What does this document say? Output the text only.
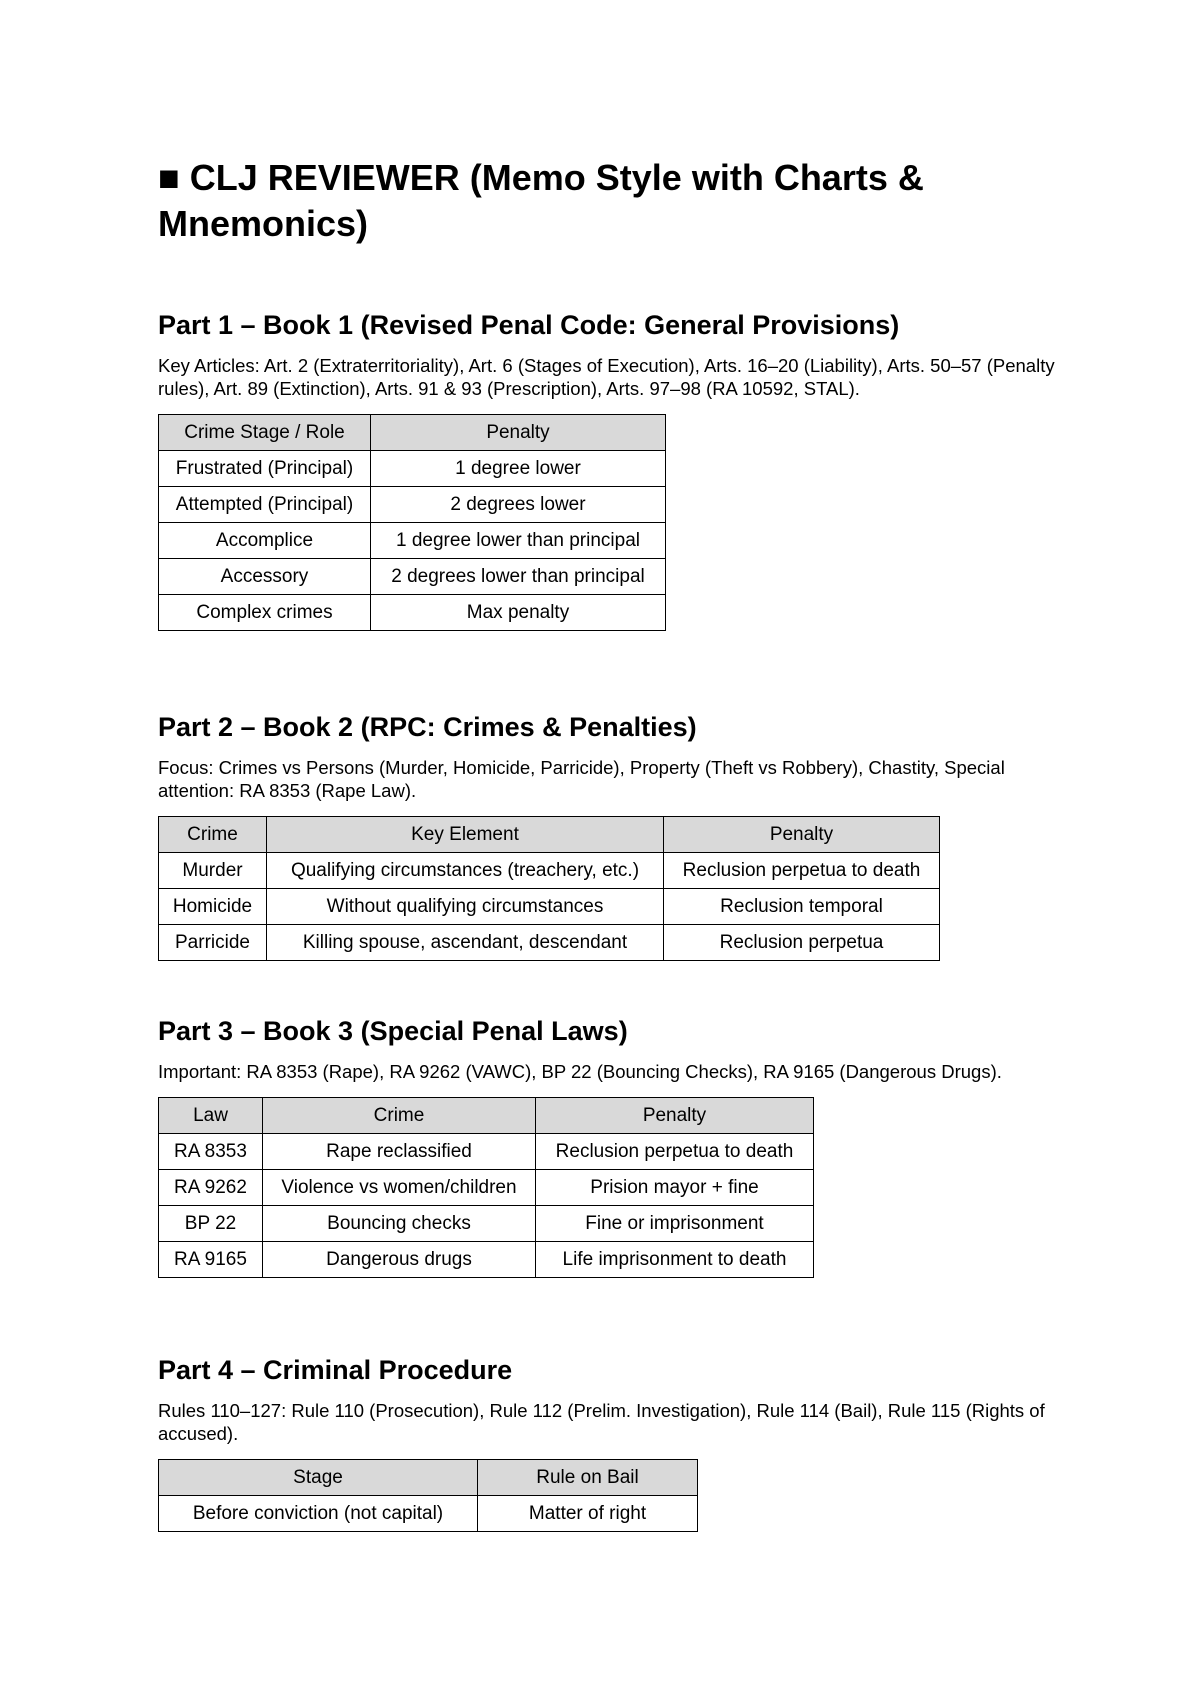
■ CLJ REVIEWER (Memo Style with Charts & Mnemonics)
Part 1 – Book 1 (Revised Penal Code: General Provisions)

Key Articles: Art. 2 (Extraterritoriality), Art. 6 (Stages of Execution), Arts. 16–20 (Liability), Arts. 50–57 (Penalty rules), Art. 89 (Extinction), Arts. 91 & 93 (Prescription), Arts. 97–98 (RA 10592, STAL).

Crime Stage / Role	Penalty
Frustrated (Principal)	1 degree lower
Attempted (Principal)	2 degrees lower
Accomplice	1 degree lower than principal
Accessory	2 degrees lower than principal
Complex crimes	Max penalty
Part 2 – Book 2 (RPC: Crimes & Penalties)

Focus: Crimes vs Persons (Murder, Homicide, Parricide), Property (Theft vs Robbery), Chastity, Special attention: RA 8353 (Rape Law).

Crime	Key Element	Penalty
Murder	Qualifying circumstances (treachery, etc.)	Reclusion perpetua to death
Homicide	Without qualifying circumstances	Reclusion temporal
Parricide	Killing spouse, ascendant, descendant	Reclusion perpetua
Part 3 – Book 3 (Special Penal Laws)

Important: RA 8353 (Rape), RA 9262 (VAWC), BP 22 (Bouncing Checks), RA 9165 (Dangerous Drugs).

Law	Crime	Penalty
RA 8353	Rape reclassified	Reclusion perpetua to death
RA 9262	Violence vs women/children	Prision mayor + fine
BP 22	Bouncing checks	Fine or imprisonment
RA 9165	Dangerous drugs	Life imprisonment to death
Part 4 – Criminal Procedure

Rules 110–127: Rule 110 (Prosecution), Rule 112 (Prelim. Investigation), Rule 114 (Bail), Rule 115 (Rights of accused).

Stage	Rule on Bail
Before conviction (not capital)	Matter of right
